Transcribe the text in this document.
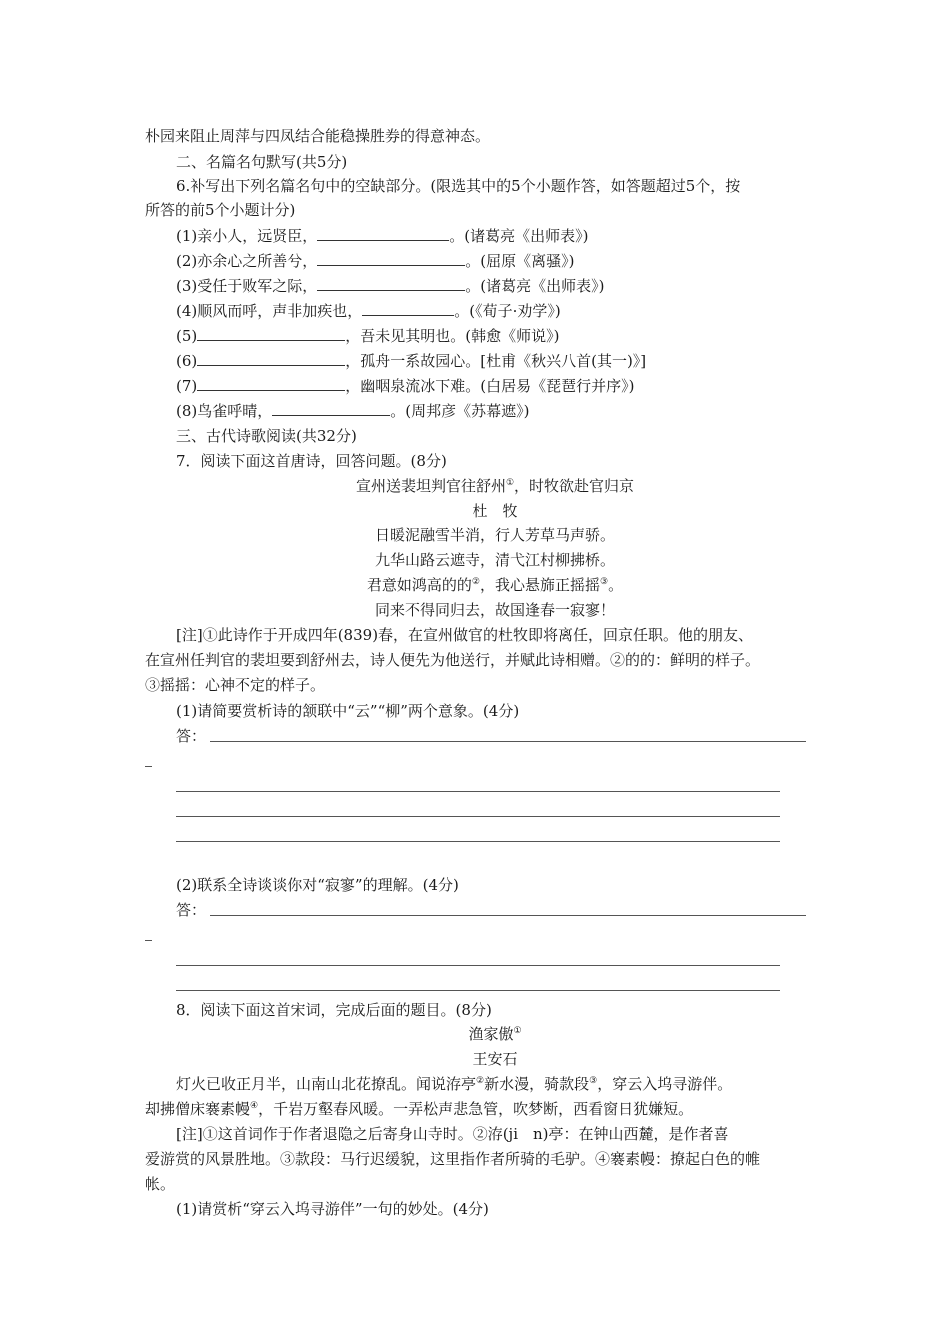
朴园来阻止周萍与四凤结合能稳操胜券的得意神态。
二、名篇名句默写(共5分)
6.补写出下列名篇名句中的空缺部分。(限选其中的5个小题作答，如答题超过5个，按
所答的前5个小题计分)
(1)亲小人，远贤臣，	。(诸葛亮《出师表》)
(2)亦余心之所善兮，	。(屈原《离骚》)
(3)受任于败军之际，	。(诸葛亮《出师表》)
(4)顺风而呼，声非加疾也，	。(《荀子·劝学》)
(5)	，吾未见其明也。(韩愈《师说》)
(6)	，孤舟一系故园心。[杜甫《秋兴八首(其一)》]
(7)	，幽咽泉流冰下难。(白居易《琵琶行并序》)
(8)鸟雀呼晴，	。(周邦彦《苏幕遮》)
三、古代诗歌阅读(共32分)
7．阅读下面这首唐诗，回答问题。(8分)
宣州送裴坦判官往舒州①，时牧欲赴官归京
杜　牧
日暖泥融雪半消，行人芳草马声骄。
九华山路云遮寺，清弋江村柳拂桥。
君意如鸿高的的②，我心悬旆正摇摇③。
同来不得同归去，故国逢春一寂寥！
[注]①此诗作于开成四年(839)春，在宣州做官的杜牧即将离任，回京任职。他的朋友、
在宣州任判官的裴坦要到舒州去，诗人便先为他送行，并赋此诗相赠。②的的：鲜明的样子。
③摇摇：心神不定的样子。
(1)请简要赏析诗的颔联中“云”“柳”两个意象。(4分)
答：
(2)联系全诗谈谈你对“寂寥”的理解。(4分)
答：
8．阅读下面这首宋词，完成后面的题目。(8分)
渔家傲①
王安石
灯火已收正月半，山南山北花撩乱。闻说洊亭②新水漫，骑款段③，穿云入坞寻游伴。
却拂僧床褰素幔④，千岩万壑春风暖。一弄松声悲急管，吹梦断，西看窗日犹嫌短。
[注]①这首词作于作者退隐之后寄身山寺时。②洊(ji　n)亭：在钟山西麓，是作者喜
爱游赏的风景胜地。③款段：马行迟缓貌，这里指作者所骑的毛驴。④褰素幔：撩起白色的帷
帐。
(1)请赏析“穿云入坞寻游伴”一句的妙处。(4分)
